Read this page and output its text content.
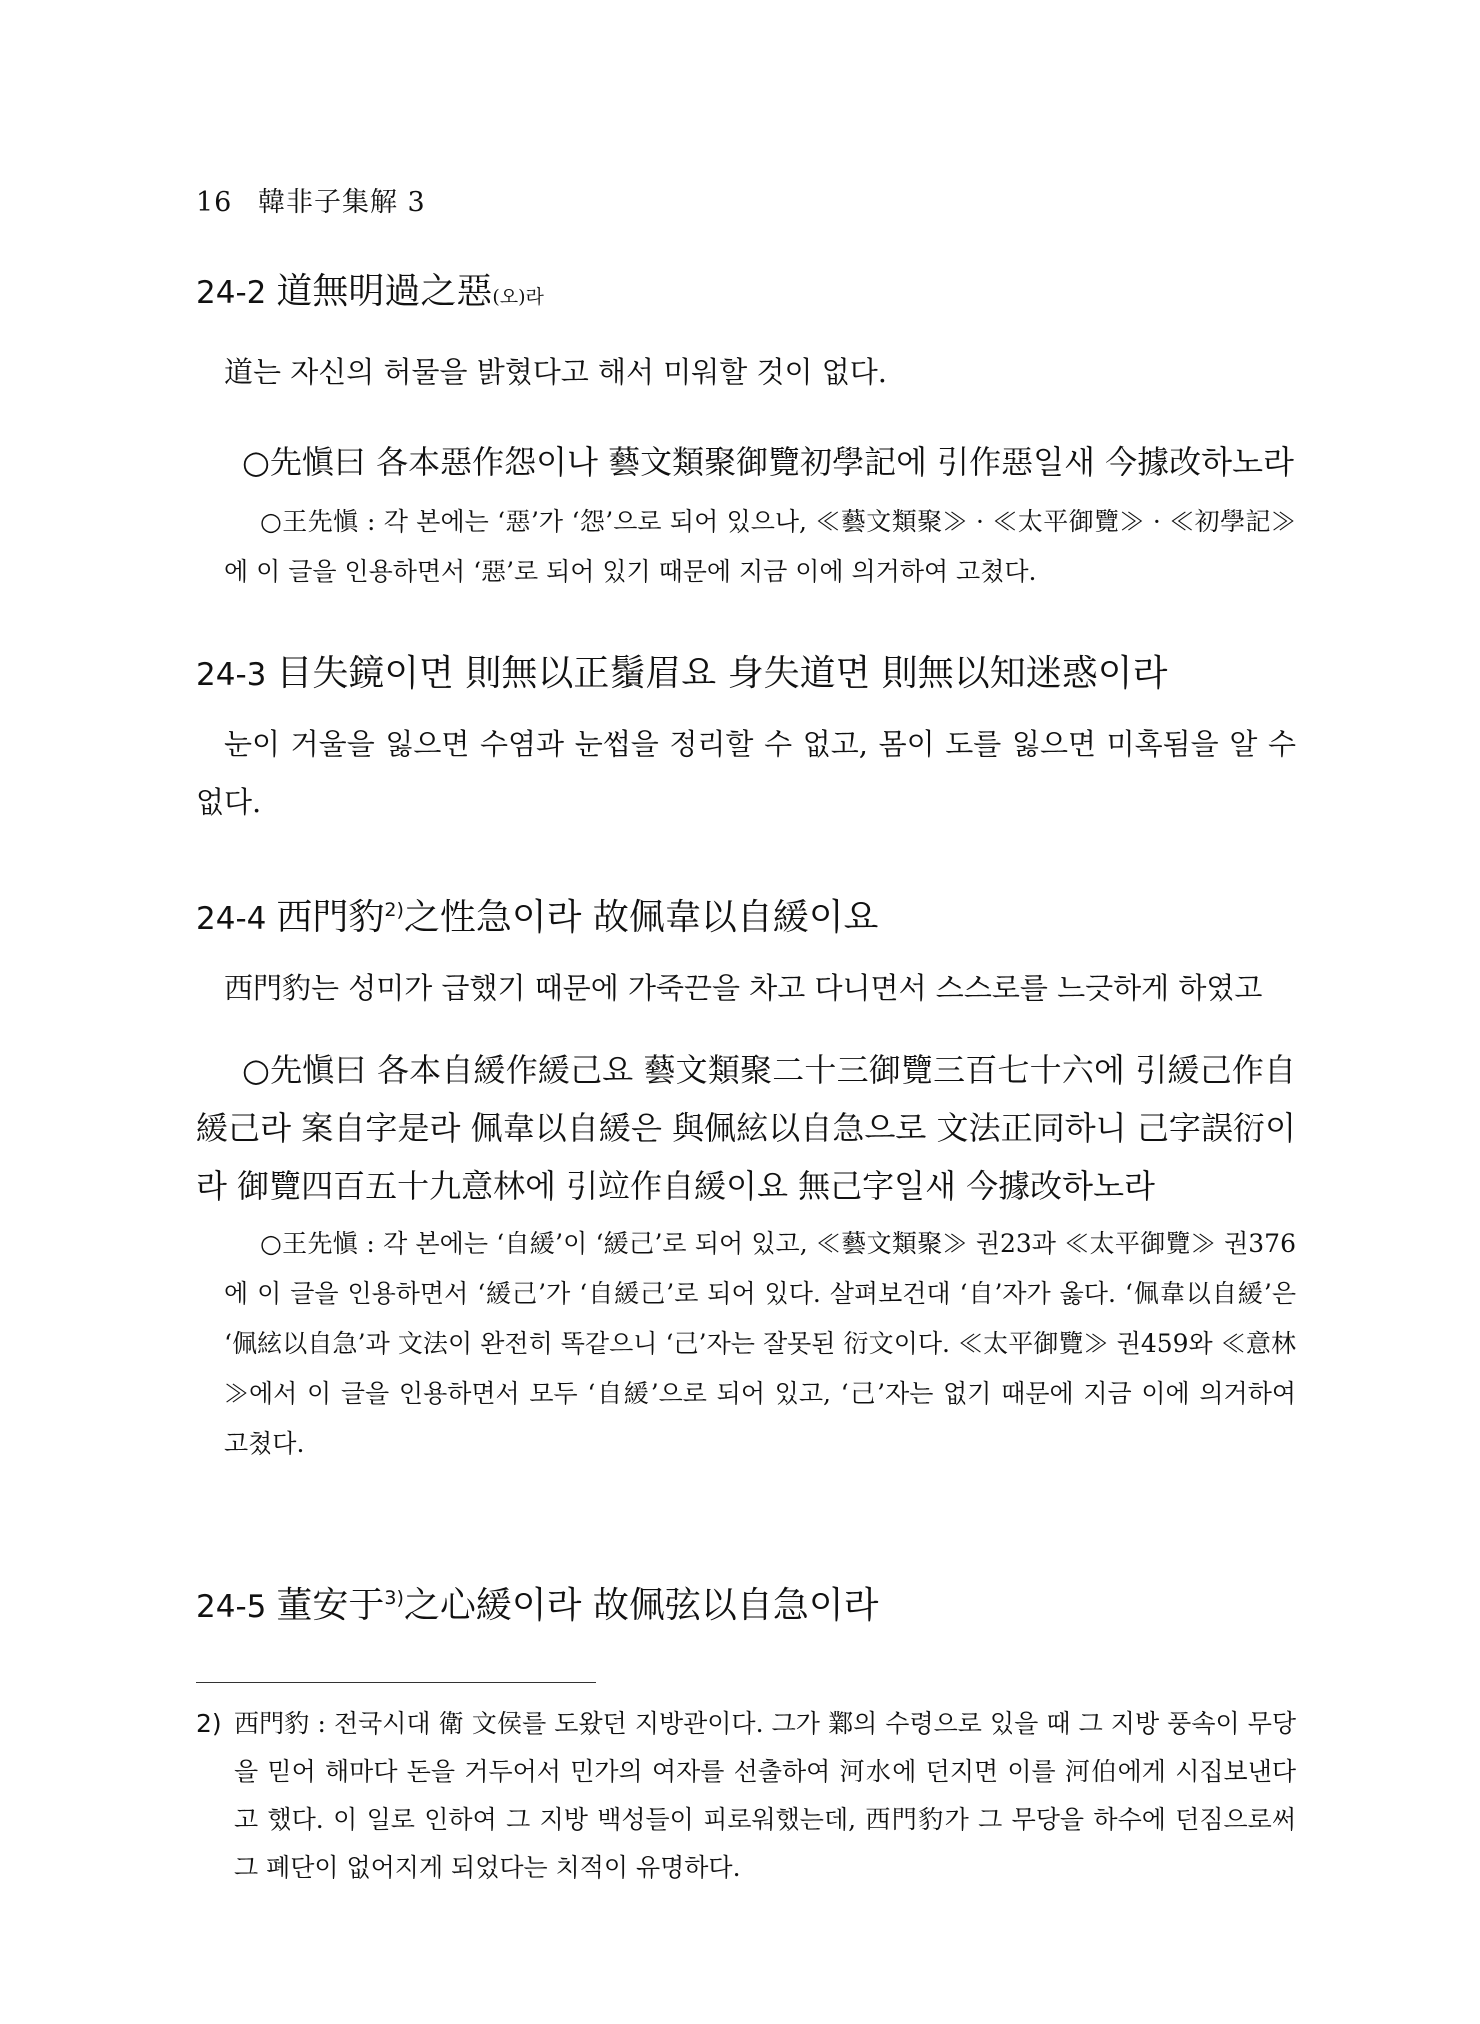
16 韓非子集解 3
24-2 道無明過之惡(오)라
道는 자신의 허물을 밝혔다고 해서 미워할 것이 없다.
○先愼曰 各本惡作怨이나 藝文類聚御覽初學記에 引作惡일새 今據改하노라
○王先愼 : 각 본에는 ‘惡’가 ‘怨’으로 되어 있으나, ≪藝文類聚≫ · ≪太平御覽≫ · ≪初學記≫에 이 글을 인용하면서 ‘惡’로 되어 있기 때문에 지금 이에 의거하여 고쳤다.
24-3 目失鏡이면 則無以正鬚眉요 身失道면 則無以知迷惑이라
눈이 거울을 잃으면 수염과 눈썹을 정리할 수 없고, 몸이 도를 잃으면 미혹됨을 알 수 없다.
24-4 西門豹$^{2)}$之性急이라 故佩韋以自緩이요
西門豹는 성미가 급했기 때문에 가죽끈을 차고 다니면서 스스로를 느긋하게 하였고
○先愼曰 各本自緩作緩己요 藝文類聚二十三御覽三百七十六에 引緩己作自緩己라 案自字是라 佩韋以自緩은 與佩絃以自急으로 文法正同하니 己字誤衍이라 御覽四百五十九意林에 引竝作自緩이요 無己字일새 今據改하노라
○王先愼 : 각 본에는 ‘自緩’이 ‘緩己’로 되어 있고, ≪藝文類聚≫ 권23과 ≪太平御覽≫ 권376에 이 글을 인용하면서 ‘緩己’가 ‘自緩己’로 되어 있다. 살펴보건대 ‘自’자가 옳다. ‘佩韋以自緩’은 ‘佩絃以自急’과 文法이 완전히 똑같으니 ‘己’자는 잘못된 衍文이다. ≪太平御覽≫ 권459와 ≪意林≫에서 이 글을 인용하면서 모두 ‘自緩’으로 되어 있고, ‘己’자는 없기 때문에 지금 이에 의거하여 고쳤다.
24-5 董安于$^{3)}$之心緩이라 故佩弦以自急이라
2) 西門豹 : 전국시대 衛 文侯를 도왔던 지방관이다. 그가 鄴의 수령으로 있을 때 그 지방 풍속이 무당을 믿어 해마다 돈을 거두어서 민가의 여자를 선출하여 河水에 던지면 이를 河伯에게 시집보낸다고 했다. 이 일로 인하여 그 지방 백성들이 피로워했는데, 西門豹가 그 무당을 하수에 던짐으로써 그 폐단이 없어지게 되었다는 치적이 유명하다.
